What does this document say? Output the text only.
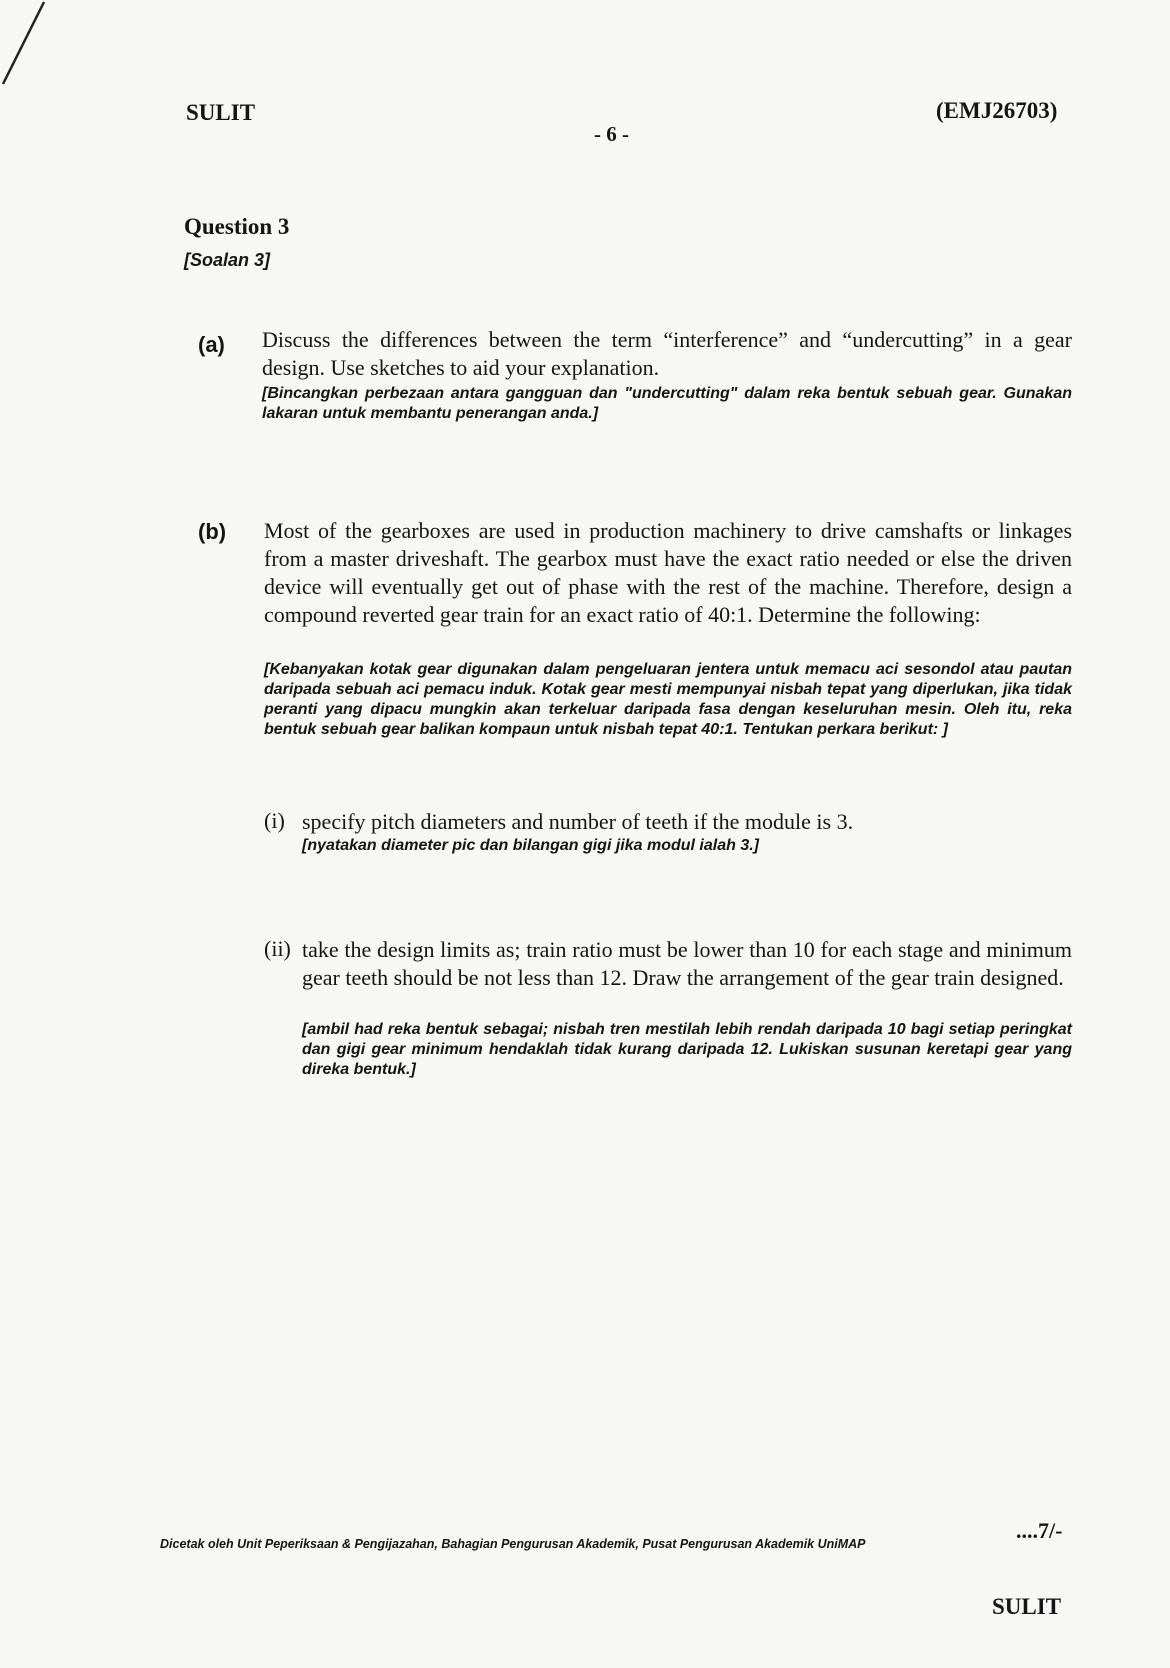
SULIT
- 6 -
(EMJ26703)
Question 3
[Soalan 3]
(a) Discuss the differences between the term “interference” and “undercutting” in a gear design. Use sketches to aid your explanation.
[Bincangkan perbezaan antara gangguan dan "undercutting" dalam reka bentuk sebuah gear. Gunakan lakaran untuk membantu penerangan anda.]
(b) Most of the gearboxes are used in production machinery to drive camshafts or linkages from a master driveshaft. The gearbox must have the exact ratio needed or else the driven device will eventually get out of phase with the rest of the machine. Therefore, design a compound reverted gear train for an exact ratio of 40:1. Determine the following:
[Kebanyakan kotak gear digunakan dalam pengeluaran jentera untuk memacu aci sesondol atau pautan daripada sebuah aci pemacu induk. Kotak gear mesti mempunyai nisbah tepat yang diperlukan, jika tidak peranti yang dipacu mungkin akan terkeluar daripada fasa dengan keseluruhan mesin. Oleh itu, reka bentuk sebuah gear balikan kompaun untuk nisbah tepat 40:1. Tentukan perkara berikut: ]
(i) specify pitch diameters and number of teeth if the module is 3.
[nyatakan diameter pic dan bilangan gigi jika modul ialah 3.]
(ii) take the design limits as; train ratio must be lower than 10 for each stage and minimum gear teeth should be not less than 12. Draw the arrangement of the gear train designed.
[ambil had reka bentuk sebagai; nisbah tren mestilah lebih rendah daripada 10 bagi setiap peringkat dan gigi gear minimum hendaklah tidak kurang daripada 12. Lukiskan susunan keretapi gear yang direka bentuk.]
Dicetak oleh Unit Peperiksaan & Pengijazahan, Bahagian Pengurusan Akademik, Pusat Pengurusan Akademik UniMAP
....7/-
SULIT
